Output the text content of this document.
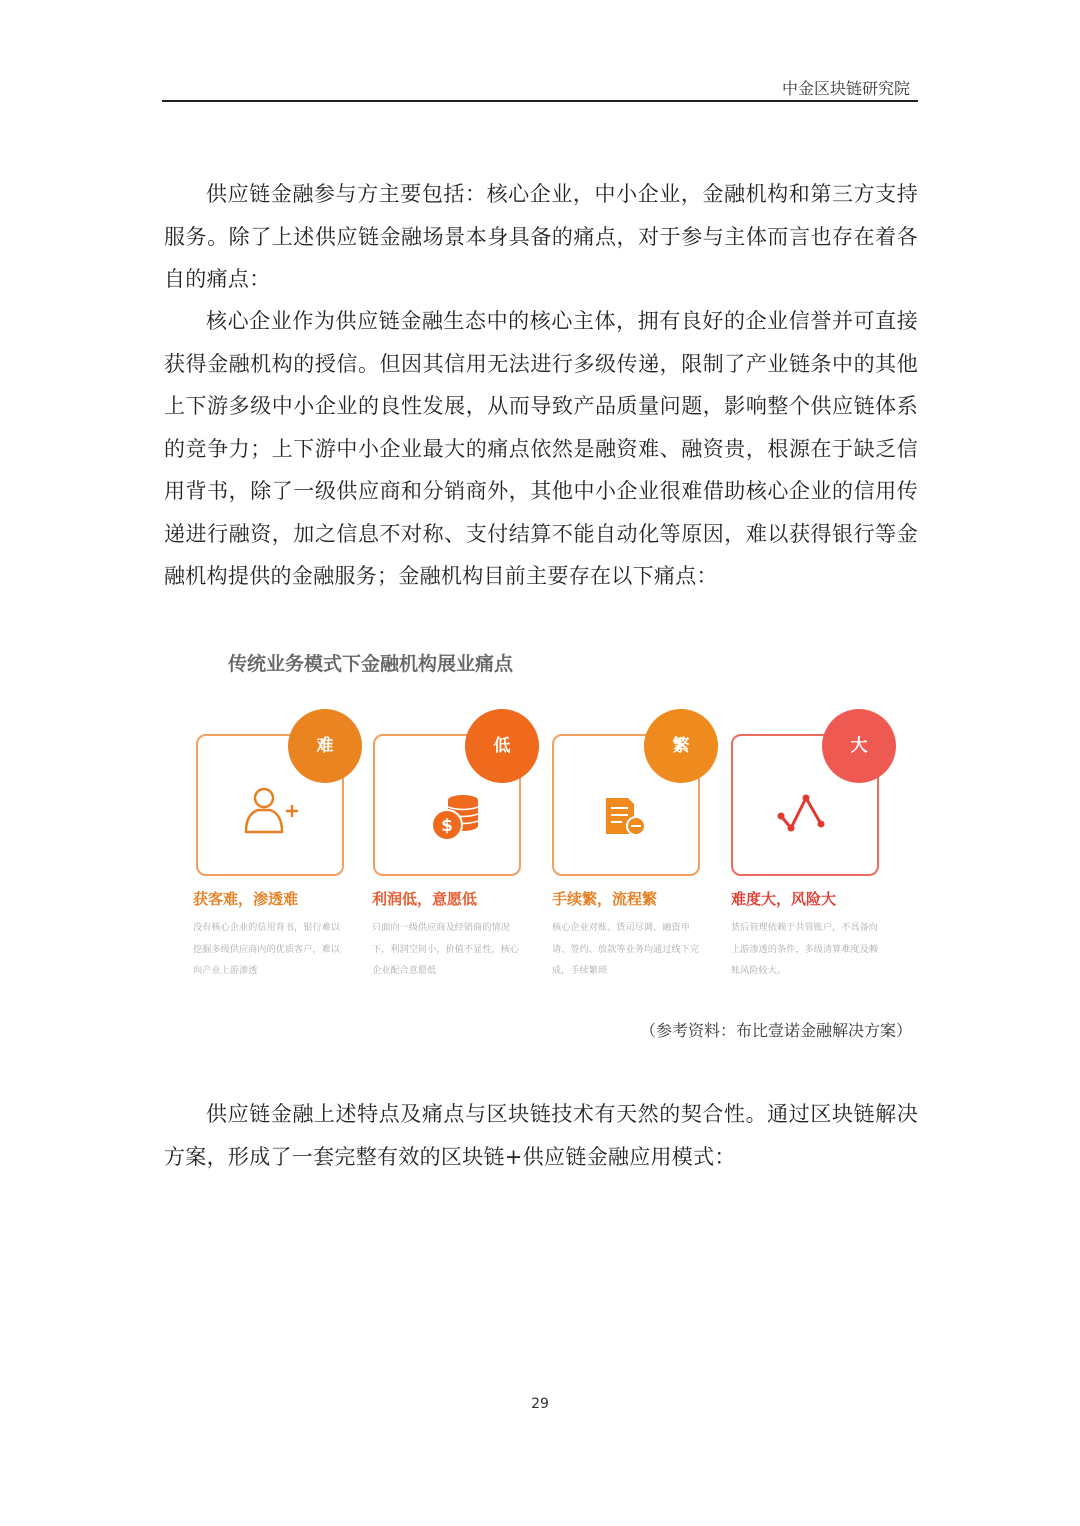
中金区块链研究院
供应链金融参与方主要包括：核心企业，中小企业，金融机构和第三方支持服务。除了上述供应链金融场景本身具备的痛点，对于参与主体而言也存在着各自的痛点：
核心企业作为供应链金融生态中的核心主体，拥有良好的企业信誉并可直接获得金融机构的授信。但因其信用无法进行多级传递，限制了产业链条中的其他上下游多级中小企业的良性发展，从而导致产品质量问题，影响整个供应链体系的竞争力；上下游中小企业最大的痛点依然是融资难、融资贵，根源在于缺乏信用背书，除了一级供应商和分销商外，其他中小企业很难借助核心企业的信用传递进行融资，加之信息不对称、支付结算不能自动化等原因，难以获得银行等金融机构提供的金融服务；金融机构目前主要存在以下痛点：
传统业务模式下金融机构展业痛点
难
获客难，渗透难
没有核心企业的信用背书，银行难以挖掘多级供应商内的优质客户，难以向产业上游渗透
$
低
利润低，意愿低
只面向一级供应商及经销商的情况下，利润空间小，价值不显性，核心企业配合意愿低
繁
手续繁，流程繁
核心企业对账、货司尽调、融资申请、签约、放款等业务均通过线下完成，手续繁琐
大
难度大，风险大
货后管理依赖于共管账户，不具备向上游渗透的条件，多级清算难度及赖账风险较大。
（参考资料：布比壹诺金融解决方案）
供应链金融上述特点及痛点与区块链技术有天然的契合性。通过区块链解决方案，形成了一套完整有效的区块链+供应链金融应用模式：
29
